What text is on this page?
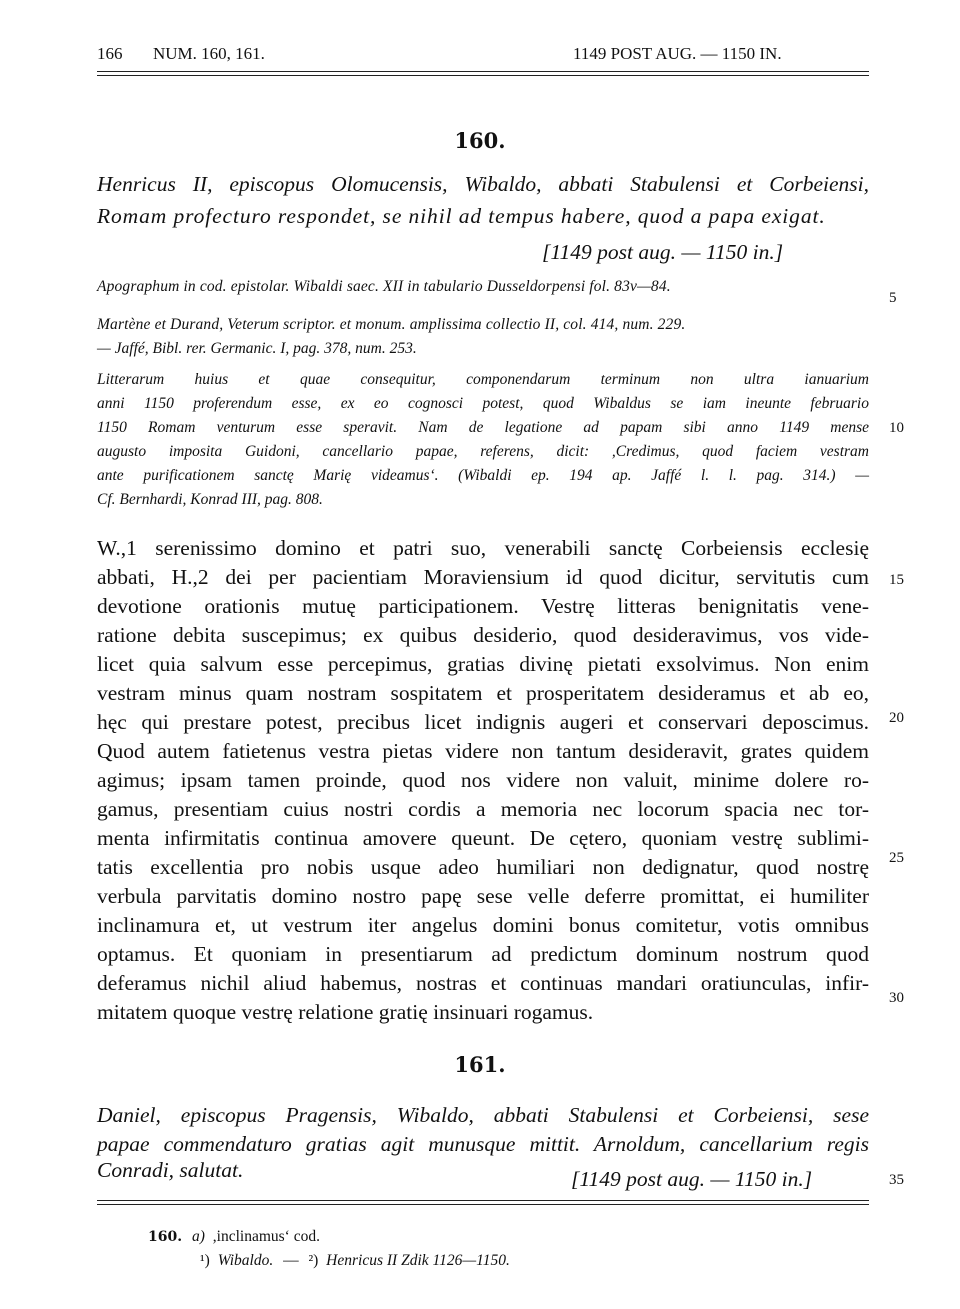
166 NUM. 160, 161.	1149 POST AUG. — 1150 IN.
160.
Henricus II, episcopus Olomucensis, Wibaldo, abbati Stabulensi et Corbeiensi,
Romam profecturo respondet, se nihil ad tempus habere, quod a papa exigat.
[1149 post aug. — 1150 in.]
Apographum in cod. epistolar. Wibaldi saec. XII in tabulario Dusseldorpensi fol. 83v—84.
Martène et Durand, Veterum scriptor. et monum. amplissima collectio II, col. 414, num. 229.
— Jaffé, Bibl. rer. Germanic. I, pag. 378, num. 253.
Litterarum huius et quae consequitur, componendarum terminum non ultra ianuarium
anni 1150 proferendum esse, ex eo cognosci potest, quod Wibaldus se iam ineunte februario
1150 Romam venturum esse speravit. Nam de legatione ad papam sibi anno 1149 mense
augusto imposita Guidoni, cancellario papae, referens, dicit: ,Credimus, quod faciem vestram
ante purificationem sanctę Marię videamus‘. (Wibaldi ep. 194 ap. Jaffé l. l. pag. 314.) —
Cf. Bernhardi, Konrad III, pag. 808.
W.,1 serenissimo domino et patri suo, venerabili sanctę Corbeiensis ecclesię
abbati, H.,2 dei per pacientiam Moraviensium id quod dicitur, servitutis cum
devotione orationis mutuę participationem. Vestrę litteras benignitatis vene-
ratione debita suscepimus; ex quibus desiderio, quod desideravimus, vos vide-
licet quia salvum esse percepimus, gratias divinę pietati exsolvimus. Non enim
vestram minus quam nostram sospitatem et prosperitatem desideramus et ab eo,
hęc qui prestare potest, precibus licet indignis augeri et conservari deposcimus.
Quod autem fatietenus vestra pietas videre non tantum desideravit, grates quidem
agimus; ipsam tamen proinde, quod nos videre non valuit, minime dolere ro-
gamus, presentiam cuius nostri cordis a memoria nec locorum spacia nec tor-
menta infirmitatis continua amovere queunt. De cętero, quoniam vestrę sublimi-
tatis excellentia pro nobis usque adeo humiliari non dedignatur, quod nostrę
verbula parvitatis domino nostro papę sese velle deferre promittat, ei humiliter
inclinamura et, ut vestrum iter angelus domini bonus comitetur, votis omnibus
optamus. Et quoniam in presentiarum ad predictum dominum nostrum quod
deferamus nichil aliud habemus, nostras et continuas mandari oratiunculas, infir-
mitatem quoque vestrę relatione gratię insinuari rogamus.
161.
Daniel, episcopus Pragensis, Wibaldo, abbati Stabulensi et Corbeiensi, sese
papae commendaturo gratias agit munusque mittit. Arnoldum, cancellarium regis
Conradi, salutat.	[1149 post aug. — 1150 in.]
5
10
15
20
25
30
35
160. a) ,inclinamus‘ cod.
¹) Wibaldo. — ²) Henricus II Zdik 1126—1150.
